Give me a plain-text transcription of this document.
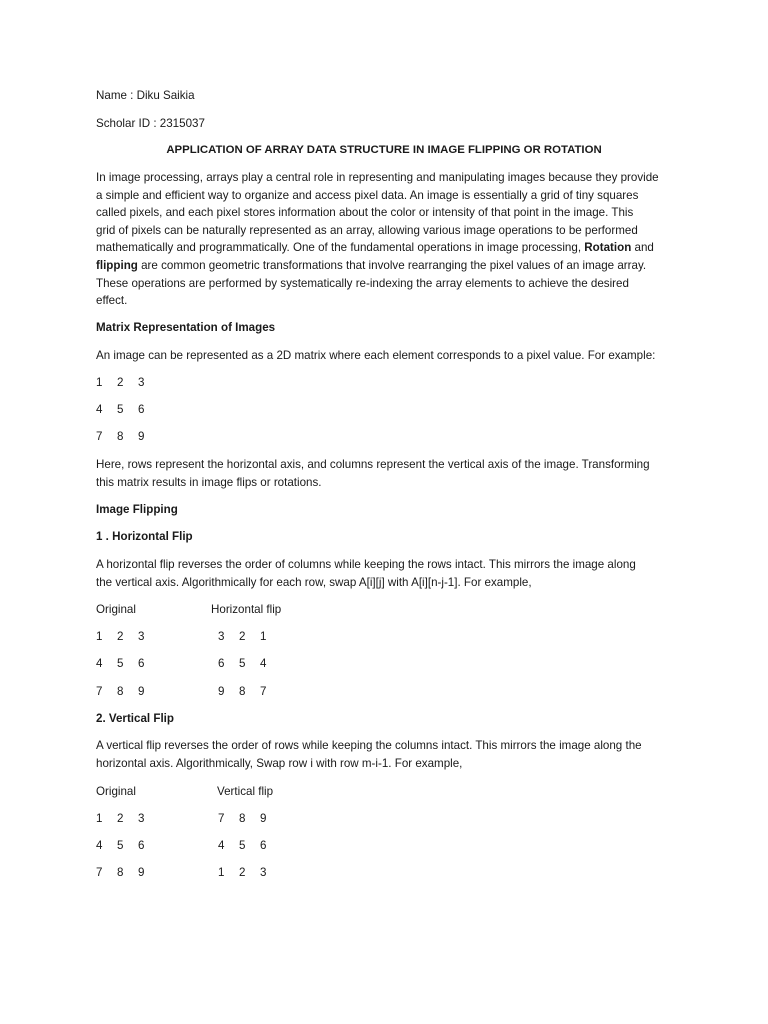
Name : Diku Saikia
Scholar ID : 2315037
APPLICATION OF ARRAY DATA STRUCTURE IN IMAGE FLIPPING OR ROTATION
In image processing, arrays play a central role in representing and manipulating images because they provide
a simple and efficient way to organize and access pixel data. An image is essentially a grid of tiny squares
called pixels, and each pixel stores information about the color or intensity of that point in the image. This
grid of pixels can be naturally represented as an array, allowing various image operations to be performed
mathematically and programmatically. One of the fundamental operations in image processing, Rotation and
flipping are common geometric transformations that involve rearranging the pixel values of an image array.
These operations are performed by systematically re-indexing the array elements to achieve the desired
effect.
Matrix Representation of Images
An image can be represented as a 2D matrix where each element corresponds to a pixel value. For example:
1 2 3
4 5 6
7 8 9
Here, rows represent the horizontal axis, and columns represent the vertical axis of the image. Transforming
this matrix results in image flips or rotations.
Image Flipping
1 . Horizontal Flip
A horizontal flip reverses the order of columns while keeping the rows intact. This mirrors the image along
the vertical axis. Algorithmically for each row, swap A[i][j] with A[i][n-j-1]. For example,
Original	Horizontal flip
1 2 3
4 5 6
7 8 9
3 2 1
6 5 4
9 8 7
2. Vertical Flip
A vertical flip reverses the order of rows while keeping the columns intact. This mirrors the image along the
horizontal axis. Algorithmically, Swap row i with row m-i-1. For example,
Original	Vertical flip
1 2 3
4 5 6
7 8 9
7 8 9
4 5 6
1 2 3
